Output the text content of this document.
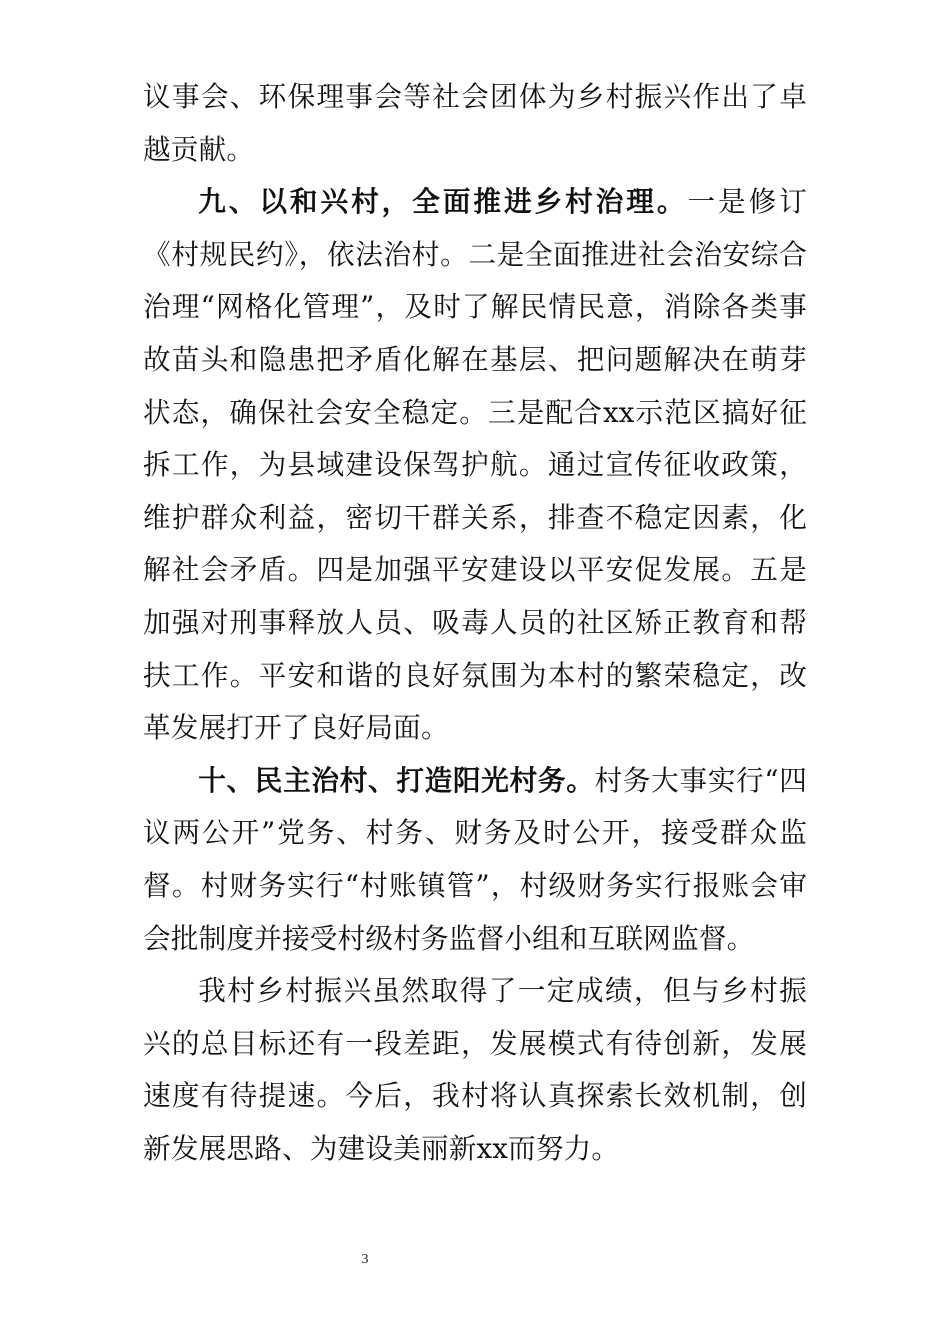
议事会、环保理事会等社会团体为乡村振兴作出了卓越贡献。

九、以和兴村，全面推进乡村治理。一是修订《村规民约》，依法治村。二是全面推进社会治安综合治理“网格化管理”，及时了解民情民意，消除各类事故苗头和隐患把矛盾化解在基层、把问题解决在萌芽状态，确保社会安全稳定。三是配合xx示范区搞好征拆工作，为县域建设保驾护航。通过宣传征收政策，维护群众利益，密切干群关系，排查不稳定因素，化解社会矛盾。四是加强平安建设以平安促发展。五是加强对刑事释放人员、吸毒人员的社区矫正教育和帮扶工作。平安和谐的良好氛围为本村的繁荣稳定，改革发展打开了良好局面。

十、民主治村、打造阳光村务。村务大事实行“四议两公开”党务、村务、财务及时公开，接受群众监督。村财务实行“村账镇管”，村级财务实行报账会审会批制度并接受村级村务监督小组和互联网监督。

我村乡村振兴虽然取得了一定成绩，但与乡村振兴的总目标还有一段差距，发展模式有待创新，发展速度有待提速。今后，我村将认真探索长效机制，创新发展思路、为建设美丽新xx而努力。

3
